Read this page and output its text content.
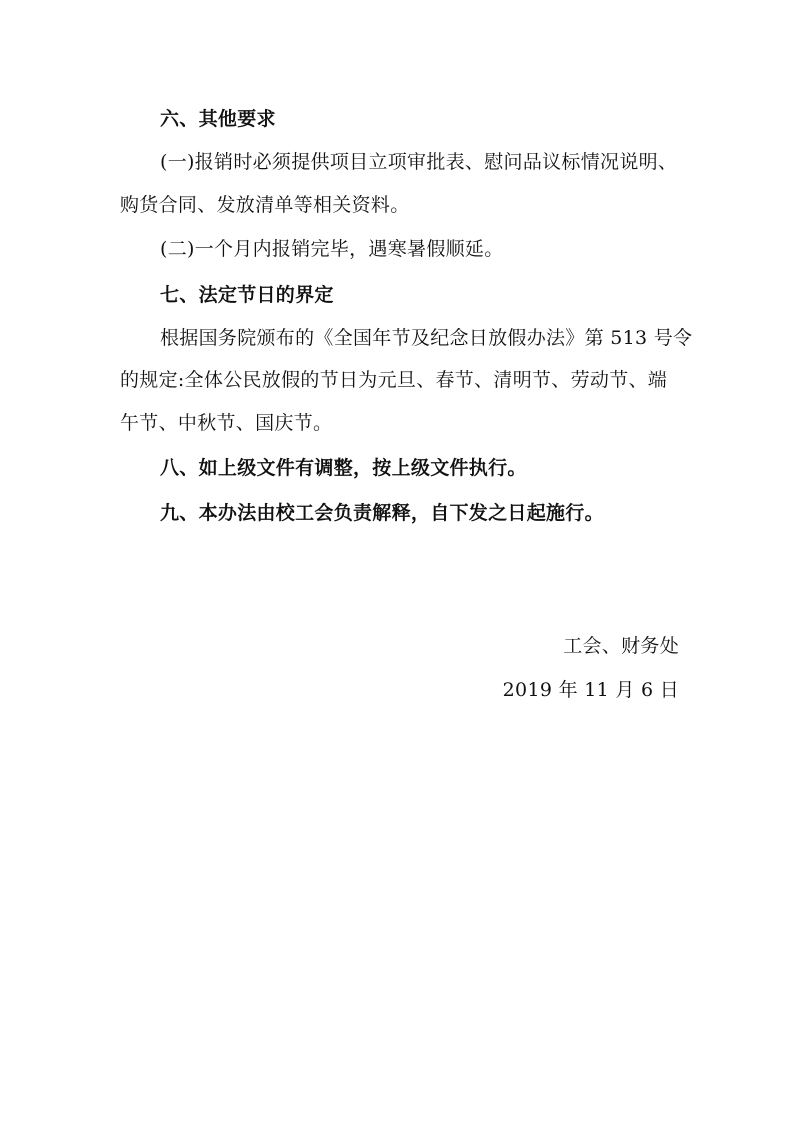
六、其他要求
(一)报销时必须提供项目立项审批表、慰问品议标情况说明、
购货合同、发放清单等相关资料。
(二)一个月内报销完毕，遇寒暑假顺延。
七、法定节日的界定
根据国务院颁布的《全国年节及纪念日放假办法》第 513 号令
的规定:全体公民放假的节日为元旦、春节、清明节、劳动节、端
午节、中秋节、国庆节。
八、如上级文件有调整，按上级文件执行。
九、本办法由校工会负责解释，自下发之日起施行。
工会、财务处
2019 年 11 月 6 日
